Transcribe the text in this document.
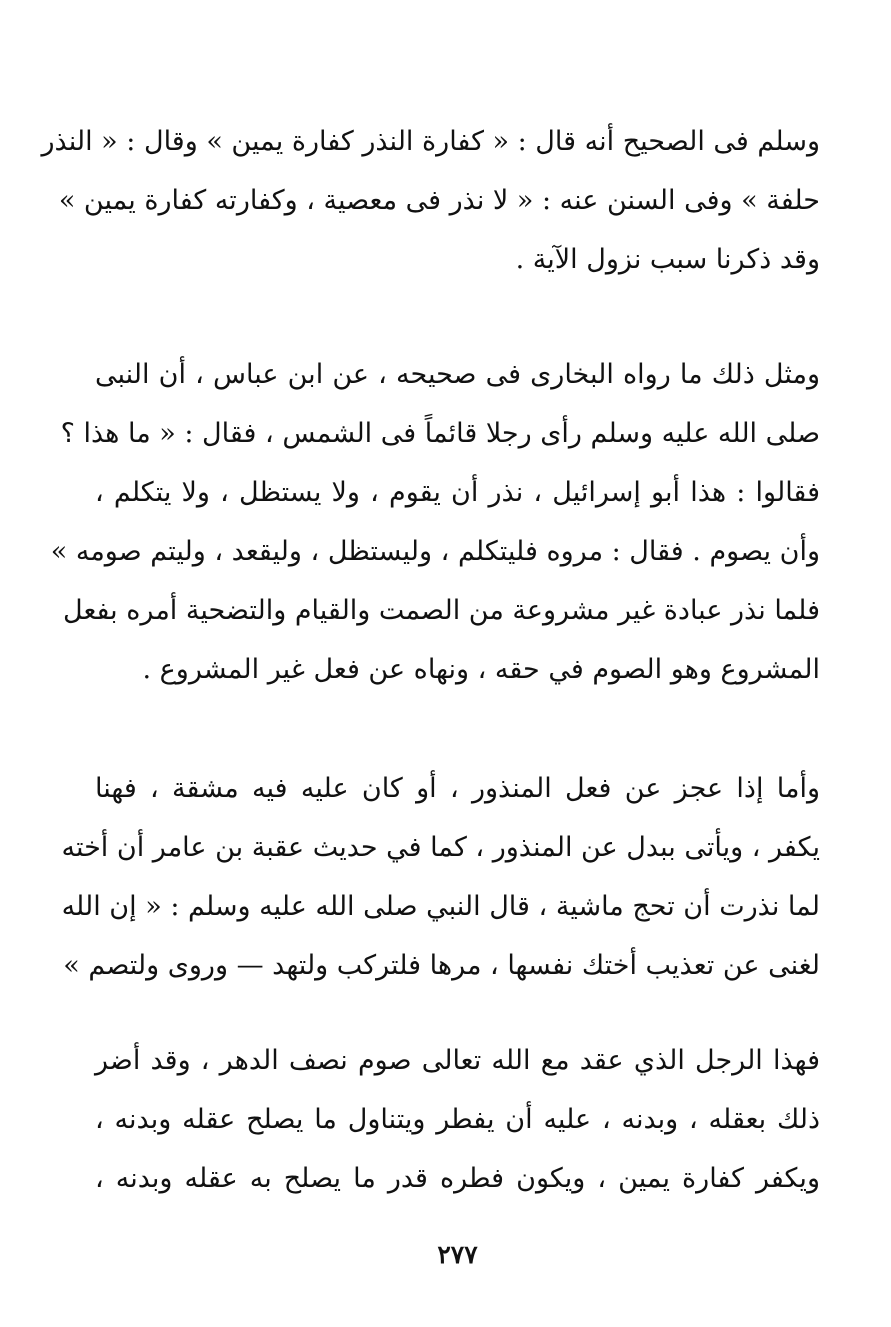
وسلم فى الصحيح أنه قال : « كفارة النذر كفارة يمين » وقال : « النذر
حلفة » وفى السنن عنه : « لا نذر فى معصية ، وكفارته كفارة يمين »
وقد ذكرنا سبب نزول الآية .
ومثل ذلك ما رواه البخارى فى صحيحه ، عن ابن عباس ، أن النبى
صلى الله عليه وسلم رأى رجلا قائماً فى الشمس ، فقال : « ما هذا ؟
فقالوا : هذا أبو إسرائيل ، نذر أن يقوم ، ولا يستظل ، ولا يتكلم ،
وأن يصوم . فقال : مروه فليتكلم ، وليستظل ، وليقعد ، وليتم صومه »
فلما نذر عبادة غير مشروعة من الصمت والقيام والتضحية أمره بفعل
المشروع وهو الصوم في حقه ، ونهاه عن فعل غير المشروع .
وأما إذا عجز عن فعل المنذور ، أو كان عليه فيه مشقة ، فهنا
يكفر ، ويأتى ببدل عن المنذور ، كما في حديث عقبة بن عامر أن أخته
لما نذرت أن تحج ماشية ، قال النبي صلى الله عليه وسلم : « إن الله
لغنى عن تعذيب أختك نفسها ، مرها فلتركب ولتهد — وروى ولتصم »
فهذا الرجل الذي عقد مع الله تعالى صوم نصف الدهر ، وقد أضر
ذلك بعقله ، وبدنه ، عليه أن يفطر ويتناول ما يصلح عقله وبدنه ،
ويكفر كفارة يمين ، ويكون فطره قدر ما يصلح به عقله وبدنه ،
٢٧٧
